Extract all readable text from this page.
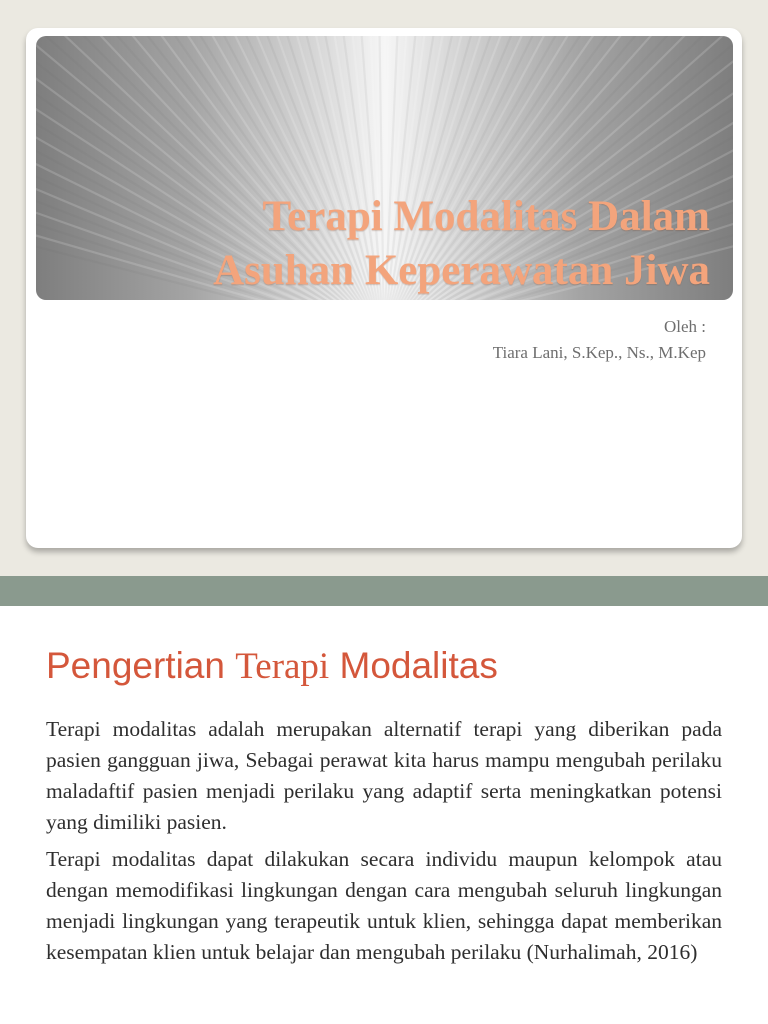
Terapi Modalitas Dalam
Asuhan Keperawatan Jiwa
Oleh :
Tiara Lani, S.Kep., Ns., M.Kep
Pengertian Terapi Modalitas

Terapi modalitas adalah merupakan alternatif terapi yang diberikan pada pasien gangguan jiwa, Sebagai perawat kita harus mampu mengubah perilaku maladaftif pasien menjadi perilaku yang adaptif serta meningkatkan potensi yang dimiliki pasien.

Terapi modalitas dapat dilakukan secara individu maupun kelompok atau dengan memodifikasi lingkungan dengan cara mengubah seluruh lingkungan menjadi lingkungan yang terapeutik untuk klien, sehingga dapat memberikan kesempatan klien untuk belajar dan mengubah perilaku (Nurhalimah, 2016)
